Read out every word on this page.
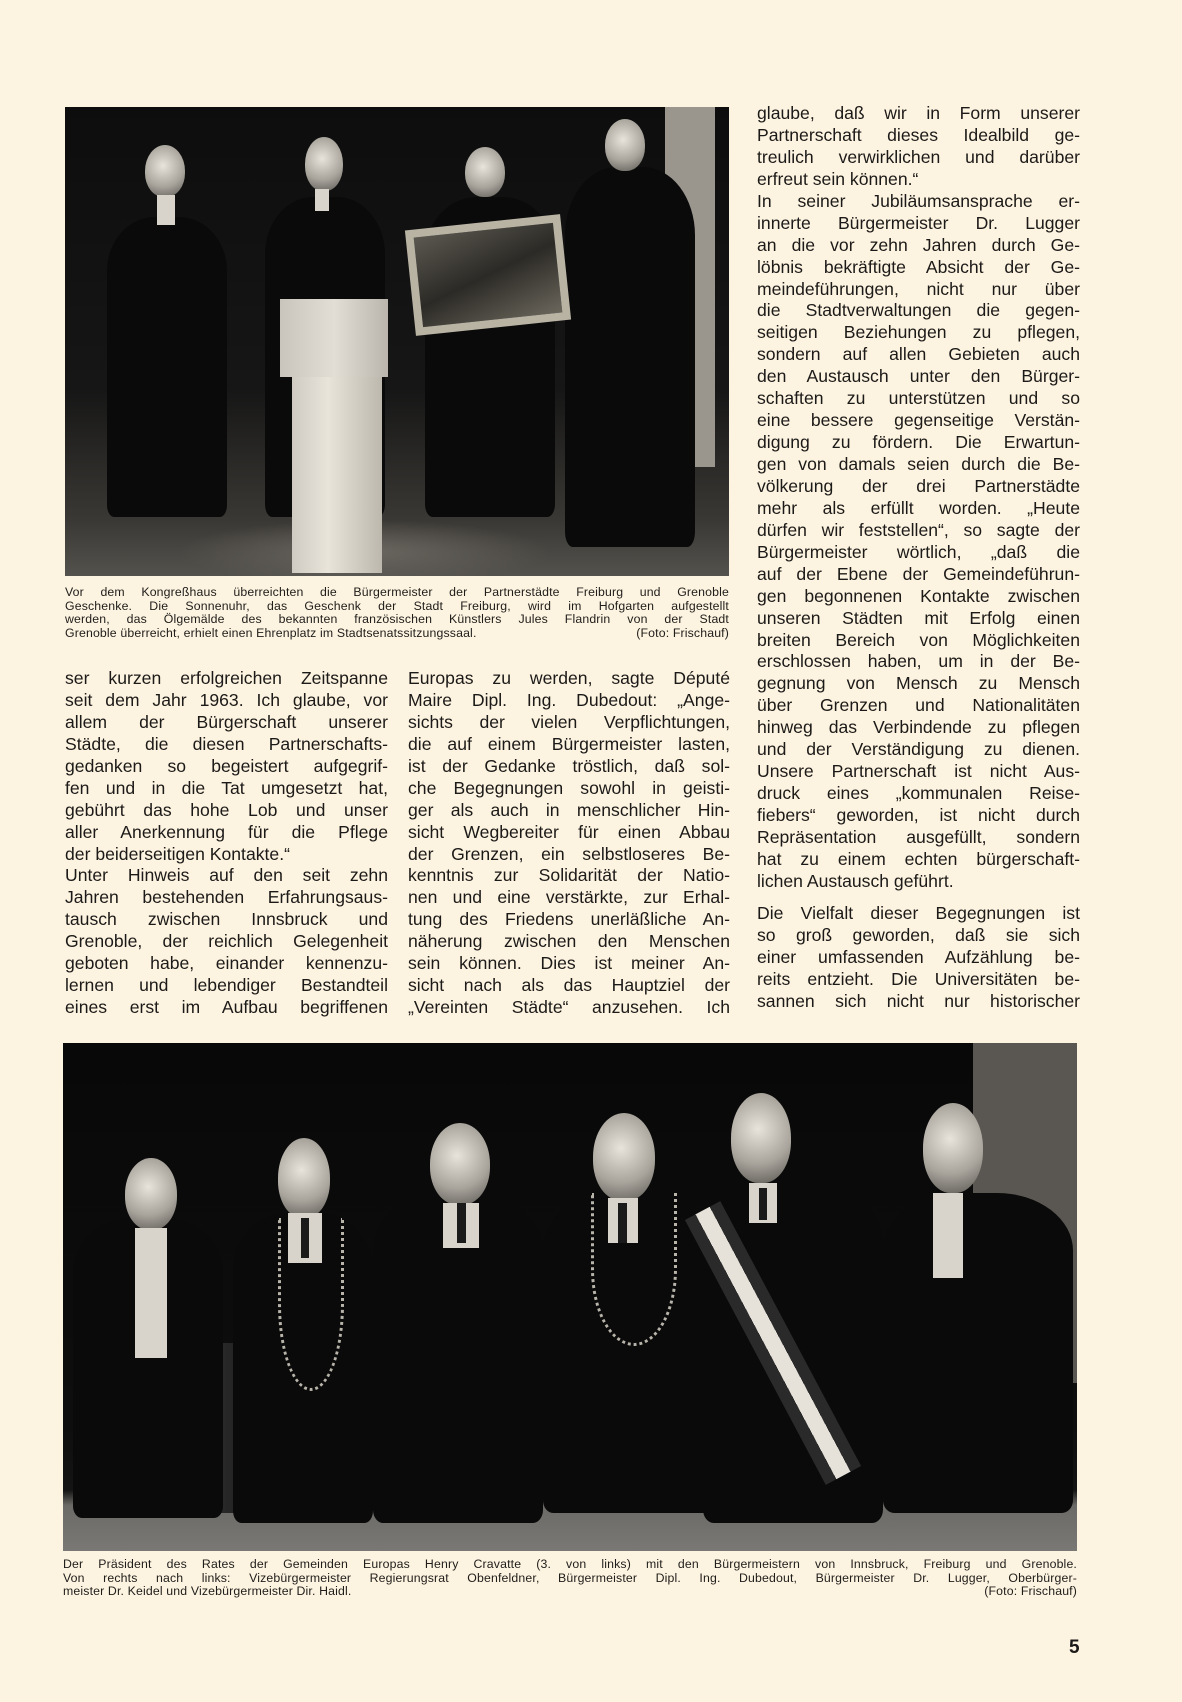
Vor dem Kongreßhaus überreichten die Bürgermeister der Partnerstädte Freiburg und Grenoble
Geschenke. Die Sonnenuhr, das Geschenk der Stadt Freiburg, wird im Hofgarten aufgestellt
werden, das Ölgemälde des bekannten französischen Künstlers Jules Flandrin von der Stadt
Grenoble überreicht, erhielt einen Ehrenplatz im Stadtsenatssitzungssaal.	(Foto: Frischauf)
ser kurzen erfolgreichen Zeitspanne
seit dem Jahr 1963. Ich glaube, vor
allem der Bürgerschaft unserer
Städte, die diesen Partnerschafts-
gedanken so begeistert aufgegrif-
fen und in die Tat umgesetzt hat,
gebührt das hohe Lob und unser
aller Anerkennung für die Pflege
der beiderseitigen Kontakte.“
Unter Hinweis auf den seit zehn
Jahren bestehenden Erfahrungsaus-
tausch zwischen Innsbruck und
Grenoble, der reichlich Gelegenheit
geboten habe, einander kennenzu-
lernen und lebendiger Bestandteil
eines erst im Aufbau begriffenen
Europas zu werden, sagte Député
Maire Dipl. Ing. Dubedout: „Ange-
sichts der vielen Verpflichtungen,
die auf einem Bürgermeister lasten,
ist der Gedanke tröstlich, daß sol-
che Begegnungen sowohl in geisti-
ger als auch in menschlicher Hin-
sicht Wegbereiter für einen Abbau
der Grenzen, ein selbstloseres Be-
kenntnis zur Solidarität der Natio-
nen und eine verstärkte, zur Erhal-
tung des Friedens unerläßliche An-
näherung zwischen den Menschen
sein können. Dies ist meiner An-
sicht nach als das Hauptziel der
„Vereinten Städte“ anzusehen. Ich
glaube, daß wir in Form unserer
Partnerschaft dieses Idealbild ge-
treulich verwirklichen und darüber
erfreut sein können.“
In seiner Jubiläumsansprache er-
innerte Bürgermeister Dr. Lugger
an die vor zehn Jahren durch Ge-
löbnis bekräftigte Absicht der Ge-
meindeführungen, nicht nur über
die Stadtverwaltungen die gegen-
seitigen Beziehungen zu pflegen,
sondern auf allen Gebieten auch
den Austausch unter den Bürger-
schaften zu unterstützen und so
eine bessere gegenseitige Verstän-
digung zu fördern. Die Erwartun-
gen von damals seien durch die Be-
völkerung der drei Partnerstädte
mehr als erfüllt worden. „Heute
dürfen wir feststellen“, so sagte der
Bürgermeister wörtlich, „daß die
auf der Ebene der Gemeindeführun-
gen begonnenen Kontakte zwischen
unseren Städten mit Erfolg einen
breiten Bereich von Möglichkeiten
erschlossen haben, um in der Be-
gegnung von Mensch zu Mensch
über Grenzen und Nationalitäten
hinweg das Verbindende zu pflegen
und der Verständigung zu dienen.
Unsere Partnerschaft ist nicht Aus-
druck eines „kommunalen Reise-
fiebers“ geworden, ist nicht durch
Repräsentation ausgefüllt, sondern
hat zu einem echten bürgerschaft-
lichen Austausch geführt.
Die Vielfalt dieser Begegnungen ist
so groß geworden, daß sie sich
einer umfassenden Aufzählung be-
reits entzieht. Die Universitäten be-
sannen sich nicht nur historischer
Der Präsident des Rates der Gemeinden Europas Henry Cravatte (3. von links) mit den Bürgermeistern von Innsbruck, Freiburg und Grenoble.
Von rechts nach links: Vizebürgermeister Regierungsrat Obenfeldner, Bürgermeister Dipl. Ing. Dubedout, Bürgermeister Dr. Lugger, Oberbürger-
meister Dr. Keidel und Vizebürgermeister Dir. Haidl.	(Foto: Frischauf)
5
